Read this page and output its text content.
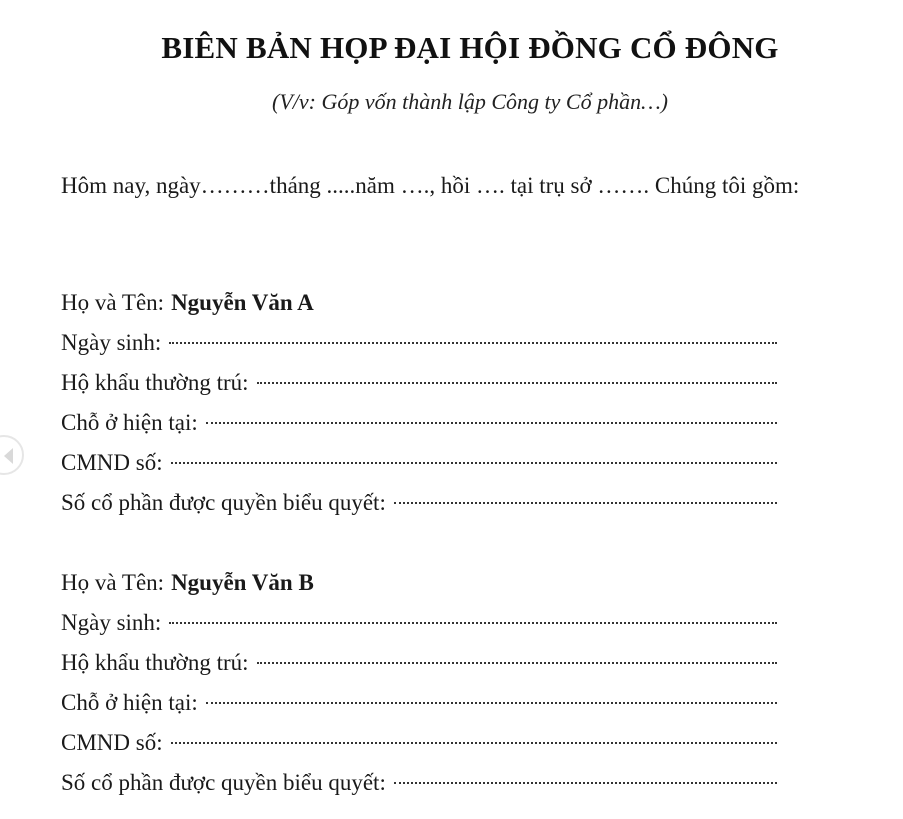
BIÊN BẢN HỌP ĐẠI HỘI ĐỒNG CỔ ĐÔNG
(V/v: Góp vốn thành lập Công ty Cổ phần…)
Hôm nay, ngày………tháng .....năm …., hồi …. tại trụ sở ……. Chúng tôi gồm:
Họ và Tên: Nguyễn Văn A
Ngày sinh:
Hộ khẩu thường trú:
Chỗ ở hiện tại:
CMND số:
Số cổ phần được quyền biểu quyết:
Họ và Tên: Nguyễn Văn B
Ngày sinh:
Hộ khẩu thường trú:
Chỗ ở hiện tại:
CMND số:
Số cổ phần được quyền biểu quyết:
